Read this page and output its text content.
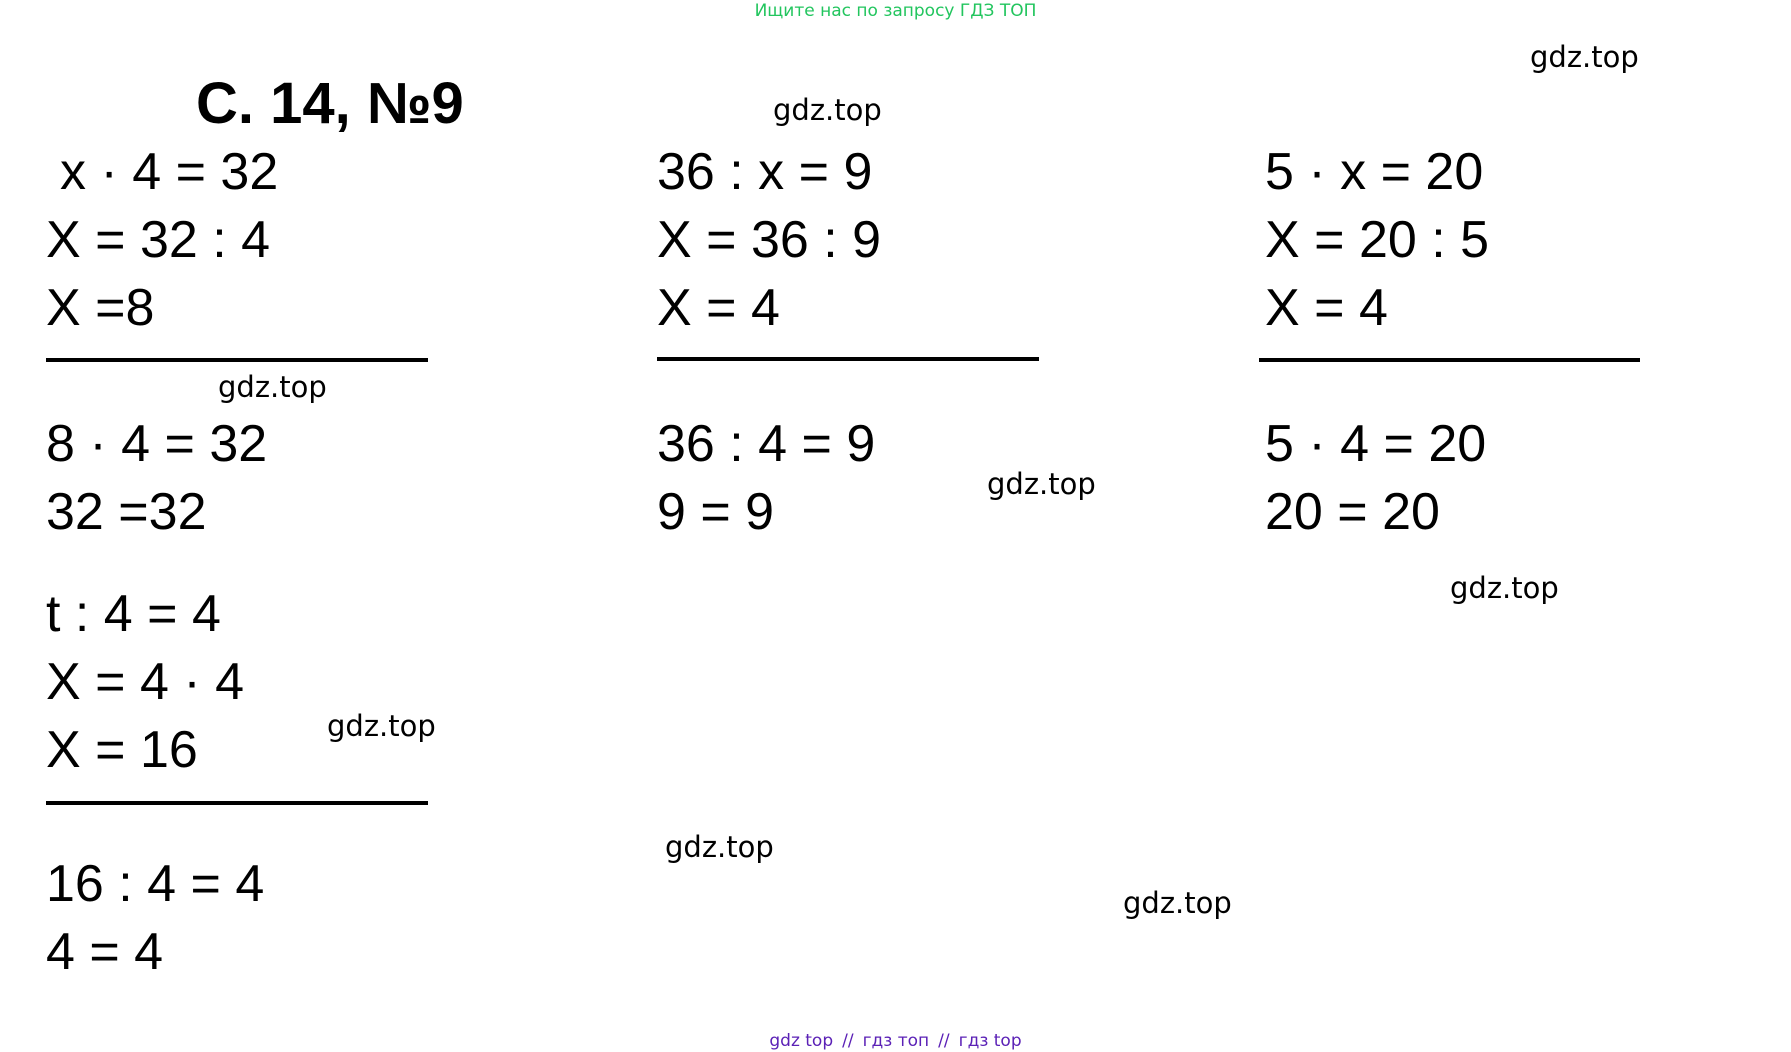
Ищите нас по запросу ГДЗ ТОП
С. 14, №9
x · 4 = 32
X = 32 : 4
X =8
8 · 4 = 32
32 =32
36 : x = 9
X = 36 : 9
X = 4
36 : 4 = 9
9 = 9
5 · x = 20
X = 20 : 5
X = 4
5 · 4 = 20
20 = 20
t : 4 = 4
X = 4 · 4
X = 16
16 : 4 = 4
4 = 4
gdz.top
gdz.top
gdz.top
gdz.top
gdz.top
gdz.top
gdz.top
gdz.top
gdz top // гдз топ // гдз top
